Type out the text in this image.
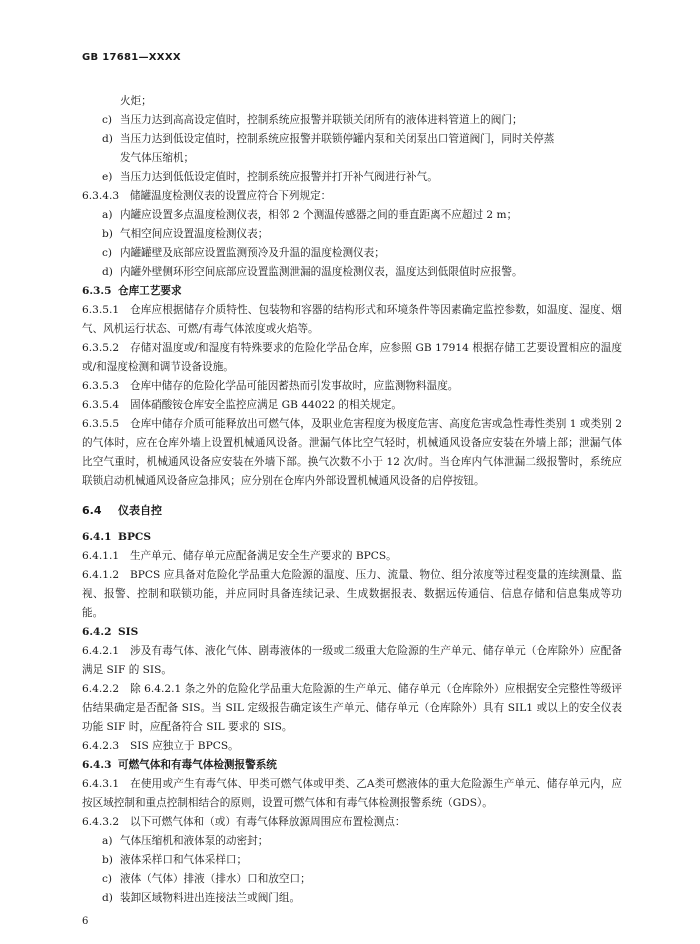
GB 17681—XXXX
火炬；
c) 当压力达到高高设定值时，控制系统应报警并联锁关闭所有的液体进料管道上的阀门；
d) 当压力达到低设定值时，控制系统应报警并联锁停罐内泵和关闭泵出口管道阀门，同时关停蒸
发气体压缩机；
e) 当压力达到低低设定值时，控制系统应报警并打开补气阀进行补气。
6.3.4.3 储罐温度检测仪表的设置应符合下列规定：
a) 内罐应设置多点温度检测仪表，相邻 2 个测温传感器之间的垂直距离不应超过 2 m；
b) 气相空间应设置温度检测仪表；
c) 内罐罐壁及底部应设置监测预冷及升温的温度检测仪表；
d) 内罐外壁侧环形空间底部应设置监测泄漏的温度检测仪表，温度达到低限值时应报警。
6.3.5 仓库工艺要求
6.3.5.1 仓库应根据储存介质特性、包装物和容器的结构形式和环境条件等因素确定监控参数，如温度、湿度、烟气、风机运行状态、可燃/有毒气体浓度或火焰等。
6.3.5.2 存储对温度或/和湿度有特殊要求的危险化学品仓库，应参照 GB 17914 根据存储工艺要设置相应的温度或/和湿度检测和调节设备设施。
6.3.5.3 仓库中储存的危险化学品可能因蓄热而引发事故时，应监测物料温度。
6.3.5.4 固体硝酸铵仓库安全监控应满足 GB 44022 的相关规定。
6.3.5.5 仓库中储存介质可能释放出可燃气体，及职业危害程度为极度危害、高度危害或急性毒性类别 1 或类别 2 的气体时，应在仓库外墙上设置机械通风设备。泄漏气体比空气轻时，机械通风设备应安装在外墙上部；泄漏气体比空气重时，机械通风设备应安装在外墙下部。换气次数不小于 12 次/时。当仓库内气体泄漏二级报警时，系统应联锁启动机械通风设备应急排风；应分别在仓库内外部设置机械通风设备的启停按钮。
6.4 仪表自控
6.4.1 BPCS
6.4.1.1 生产单元、储存单元应配备满足安全生产要求的 BPCS。
6.4.1.2 BPCS 应具备对危险化学品重大危险源的温度、压力、流量、物位、组分浓度等过程变量的连续测量、监视、报警、控制和联锁功能，并应同时具备连续记录、生成数据报表、数据远传通信、信息存储和信息集成等功能。
6.4.2 SIS
6.4.2.1 涉及有毒气体、液化气体、剧毒液体的一级或二级重大危险源的生产单元、储存单元（仓库除外）应配备满足 SIF 的 SIS。
6.4.2.2 除 6.4.2.1 条之外的危险化学品重大危险源的生产单元、储存单元（仓库除外）应根据安全完整性等级评估结果确定是否配备 SIS。当 SIL 定级报告确定该生产单元、储存单元（仓库除外）具有 SIL1 或以上的安全仪表功能 SIF 时，应配备符合 SIL 要求的 SIS。
6.4.2.3 SIS 应独立于 BPCS。
6.4.3 可燃气体和有毒气体检测报警系统
6.4.3.1 在使用或产生有毒气体、甲类可燃气体或甲类、乙A类可燃液体的重大危险源生产单元、储存单元内，应按区域控制和重点控制相结合的原则，设置可燃气体和有毒气体检测报警系统（GDS）。
6.4.3.2 以下可燃气体和（或）有毒气体释放源周围应布置检测点：
a) 气体压缩机和液体泵的动密封；
b) 液体采样口和气体采样口；
c) 液体（气体）排液（排水）口和放空口；
d) 装卸区域物料进出连接法兰或阀门组。
6
